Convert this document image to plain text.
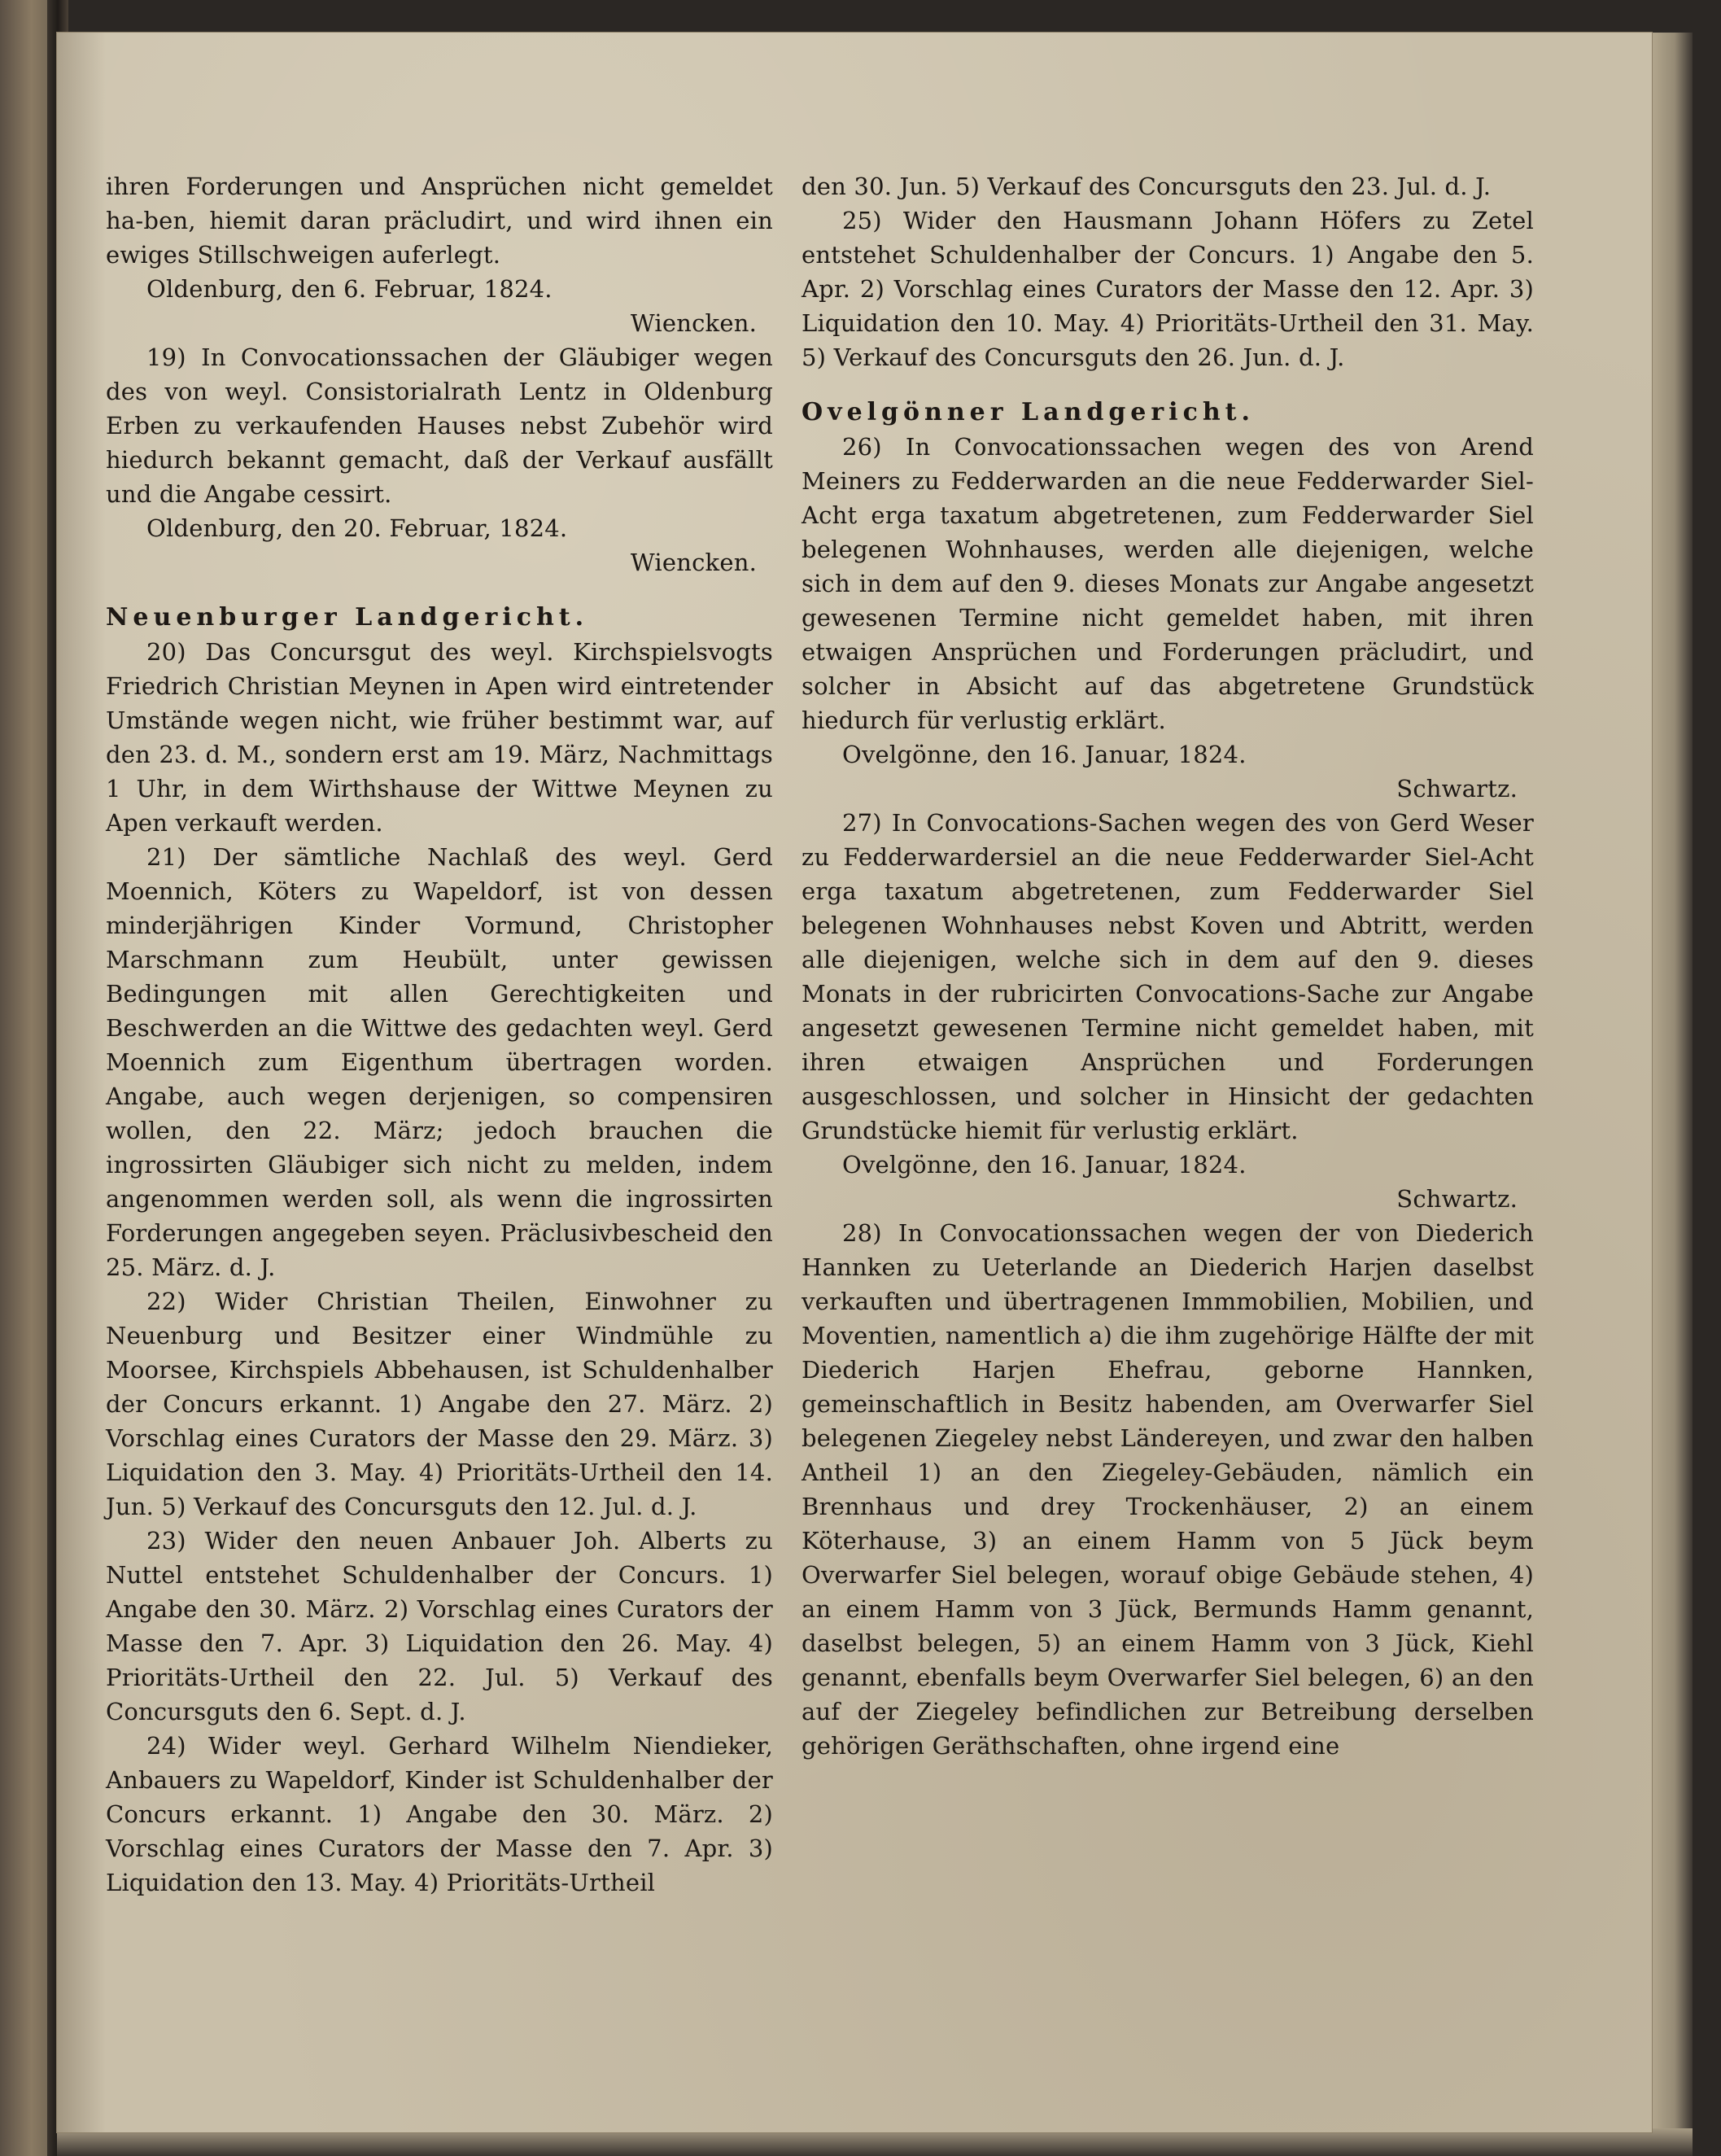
ihren Forderungen und Ansprüchen nicht gemeldet ha-ben, hiemit daran präcludirt, und wird ihnen ein ewiges Stillschweigen auferlegt.

Oldenburg, den 6. Februar, 1824.

Wiencken.

19) In Convocationssachen der Gläubiger wegen des von weyl. Consistorialrath Lentz in Oldenburg Erben zu verkaufenden Hauses nebst Zubehör wird hiedurch bekannt gemacht, daß der Verkauf ausfällt und die Angabe cessirt.

Oldenburg, den 20. Februar, 1824.

Wiencken.

Neuenburger Landgericht.

20) Das Concursgut des weyl. Kirchspielsvogts Friedrich Christian Meynen in Apen wird eintretender Umstände wegen nicht, wie früher bestimmt war, auf den 23. d. M., sondern erst am 19. März, Nachmittags 1 Uhr, in dem Wirthshause der Wittwe Meynen zu Apen verkauft werden.

21) Der sämtliche Nachlaß des weyl. Gerd Moennich, Köters zu Wapeldorf, ist von dessen minderjährigen Kinder Vormund, Christopher Marschmann zum Heubült, unter gewissen Bedingungen mit allen Gerechtigkeiten und Beschwerden an die Wittwe des gedachten weyl. Gerd Moennich zum Eigenthum übertragen worden. Angabe, auch wegen derjenigen, so compensiren wollen, den 22. März; jedoch brauchen die ingrossirten Gläubiger sich nicht zu melden, indem angenommen werden soll, als wenn die ingrossirten Forderungen angegeben seyen. Präclusivbescheid den 25. März. d. J.

22) Wider Christian Theilen, Einwohner zu Neuenburg und Besitzer einer Windmühle zu Moorsee, Kirchspiels Abbehausen, ist Schuldenhalber der Concurs erkannt. 1) Angabe den 27. März. 2) Vorschlag eines Curators der Masse den 29. März. 3) Liquidation den 3. May. 4) Prioritäts-Urtheil den 14. Jun. 5) Verkauf des Concursguts den 12. Jul. d. J.

23) Wider den neuen Anbauer Joh. Alberts zu Nuttel entstehet Schuldenhalber der Concurs. 1) Angabe den 30. März. 2) Vorschlag eines Curators der Masse den 7. Apr. 3) Liquidation den 26. May. 4) Prioritäts-Urtheil den 22. Jul. 5) Verkauf des Concursguts den 6. Sept. d. J.

24) Wider weyl. Gerhard Wilhelm Niendieker, Anbauers zu Wapeldorf, Kinder ist Schuldenhalber der Concurs erkannt. 1) Angabe den 30. März. 2) Vorschlag eines Curators der Masse den 7. Apr. 3) Liquidation den 13. May. 4) Prioritäts-Urtheil

den 30. Jun. 5) Verkauf des Concursguts den 23. Jul. d. J.

25) Wider den Hausmann Johann Höfers zu Zetel entstehet Schuldenhalber der Concurs. 1) Angabe den 5. Apr. 2) Vorschlag eines Curators der Masse den 12. Apr. 3) Liquidation den 10. May. 4) Prioritäts-Urtheil den 31. May. 5) Verkauf des Concursguts den 26. Jun. d. J.

Ovelgönner Landgericht.

26) In Convocationssachen wegen des von Arend Meiners zu Fedderwarden an die neue Fedderwarder Siel-Acht erga taxatum abgetretenen, zum Fedderwarder Siel belegenen Wohnhauses, werden alle diejenigen, welche sich in dem auf den 9. dieses Monats zur Angabe angesetzt gewesenen Termine nicht gemeldet haben, mit ihren etwaigen Ansprüchen und Forderungen präcludirt, und solcher in Absicht auf das abgetretene Grundstück hiedurch für verlustig erklärt.

Ovelgönne, den 16. Januar, 1824.

Schwartz.

27) In Convocations-Sachen wegen des von Gerd Weser zu Fedderwardersiel an die neue Fedderwarder Siel-Acht erga taxatum abgetretenen, zum Fedderwarder Siel belegenen Wohnhauses nebst Koven und Abtritt, werden alle diejenigen, welche sich in dem auf den 9. dieses Monats in der rubricirten Convocations-Sache zur Angabe angesetzt gewesenen Termine nicht gemeldet haben, mit ihren etwaigen Ansprüchen und Forderungen ausgeschlossen, und solcher in Hinsicht der gedachten Grundstücke hiemit für verlustig erklärt.

Ovelgönne, den 16. Januar, 1824.

Schwartz.

28) In Convocationssachen wegen der von Diederich Hannken zu Ueterlande an Diederich Harjen daselbst verkauften und übertragenen Immmobilien, Mobilien, und Moventien, namentlich a) die ihm zugehörige Hälfte der mit Diederich Harjen Ehefrau, geborne Hannken, gemeinschaftlich in Besitz habenden, am Overwarfer Siel belegenen Ziegeley nebst Ländereyen, und zwar den halben Antheil 1) an den Ziegeley-Gebäuden, nämlich ein Brennhaus und drey Trockenhäuser, 2) an einem Köterhause, 3) an einem Hamm von 5 Jück beym Overwarfer Siel belegen, worauf obige Gebäude stehen, 4) an einem Hamm von 3 Jück, Bermunds Hamm genannt, daselbst belegen, 5) an einem Hamm von 3 Jück, Kiehl genannt, ebenfalls beym Overwarfer Siel belegen, 6) an den auf der Ziegeley befindlichen zur Betreibung derselben gehörigen Geräthschaften, ohne irgend eine
